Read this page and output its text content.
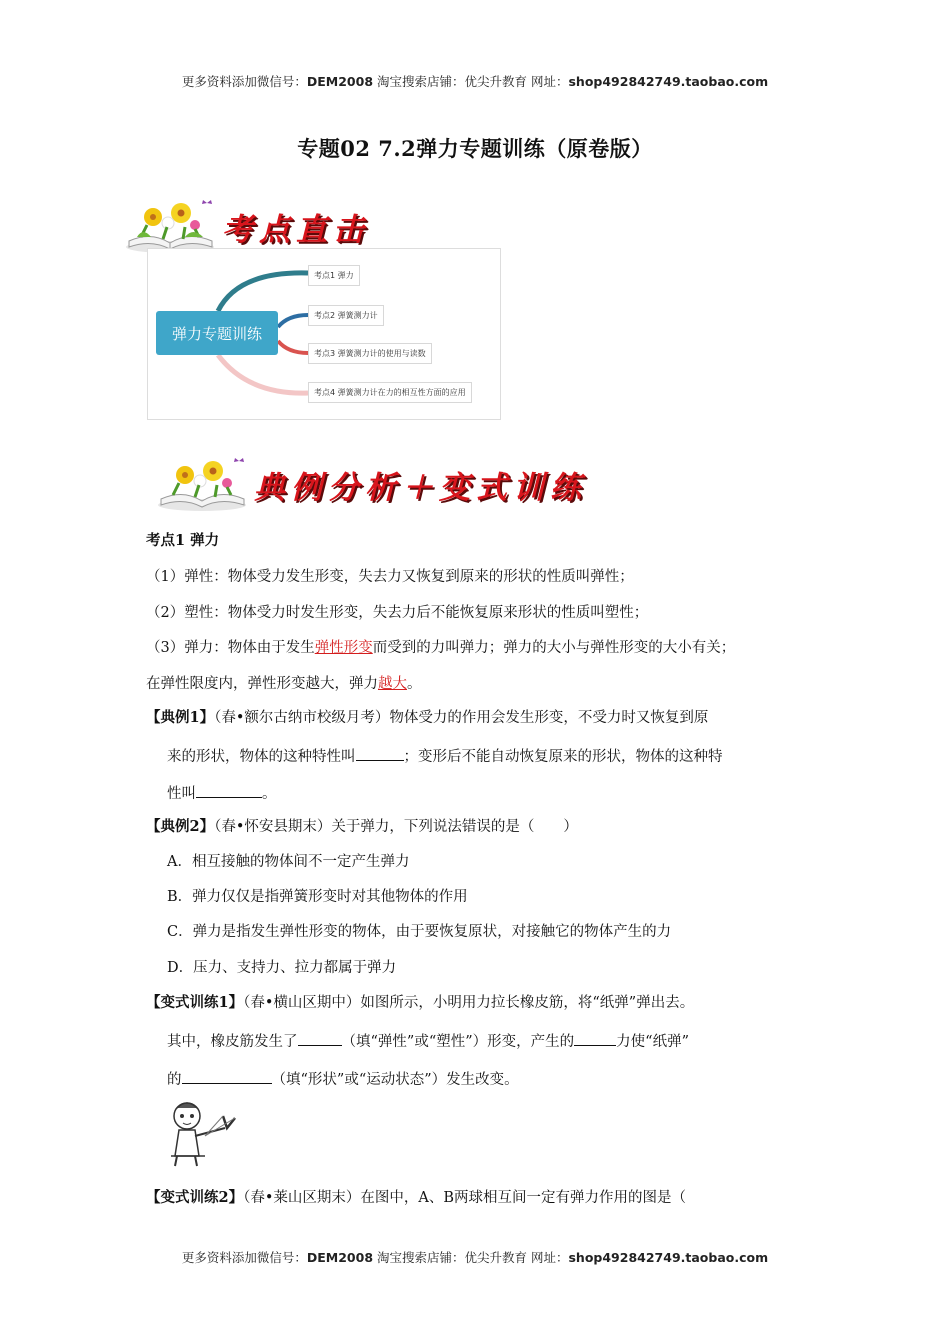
更多资料添加微信号：DEM2008 淘宝搜索店铺：优尖升教育 网址：shop492842749.taobao.com
专题02 7.2弹力专题训练（原卷版）
考点直击
弹力专题训练
考点1 弹力
考点2 弹簧测力计
考点3 弹簧测力计的使用与读数
考点4 弹簧测力计在力的相互性方面的应用
典例分析＋变式训练
考点1 弹力
（1）弹性：物体受力发生形变，失去力又恢复到原来的形状的性质叫弹性；
（2）塑性：物体受力时发生形变，失去力后不能恢复原来形状的性质叫塑性；
（3）弹力：物体由于发生弹性形变而受到的力叫弹力；弹力的大小与弹性形变的大小有关；
在弹性限度内，弹性形变越大，弹力越大。
【典例1】（春•额尔古纳市校级月考）物体受力的作用会发生形变，不受力时又恢复到原
来的形状，物体的这种特性叫	；变形后不能自动恢复原来的形状，物体的这种特
性叫	。
【典例2】（春•怀安县期末）关于弹力，下列说法错误的是（　　）
A．相互接触的物体间不一定产生弹力
B．弹力仅仅是指弹簧形变时对其他物体的作用
C．弹力是指发生弹性形变的物体，由于要恢复原状，对接触它的物体产生的力
D．压力、支持力、拉力都属于弹力
【变式训练1】（春•横山区期中）如图所示，小明用力拉长橡皮筋，将“纸弹”弹出去。
其中，橡皮筋发生了	（填“弹性”或“塑性”）形变，产生的	力使“纸弹”
的	（填“形状”或“运动状态”）发生改变。
【变式训练2】（春•莱山区期末）在图中，A、B两球相互间一定有弹力作用的图是（
更多资料添加微信号：DEM2008 淘宝搜索店铺：优尖升教育 网址：shop492842749.taobao.com
